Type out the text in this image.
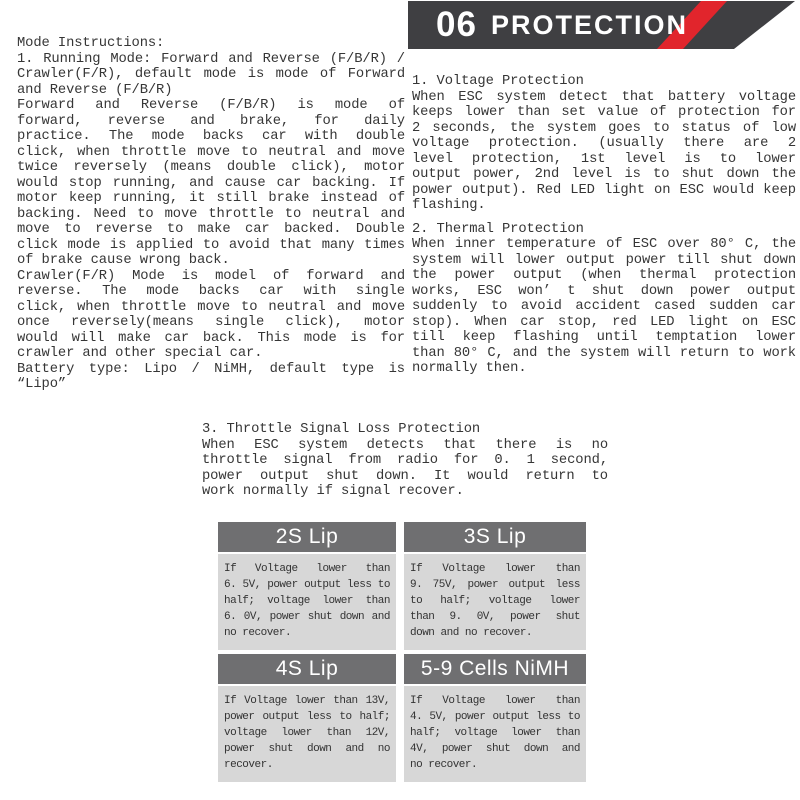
06 PROTECTION
Mode Instructions:
1. Running Mode: Forward and Reverse (F/B/R) /
Crawler(F/R), default mode is mode of Forward
and Reverse (F/B/R)
Forward and Reverse (F/B/R) is mode of
forward, reverse and brake, for daily
practice. The mode backs car with double
click, when throttle move to neutral and move
twice reversely (means double click), motor
would stop running, and cause car backing. If
motor keep running, it still brake instead of
backing. Need to move throttle to neutral and
move to reverse to make car backed. Double
click mode is applied to avoid that many times
of brake cause wrong back.
Crawler(F/R) Mode is model of forward and
reverse. The mode backs car with single
click, when throttle move to neutral and move
once reversely(means single click), motor
would will make car back. This mode is for
crawler and other special car.
Battery type: Lipo / NiMH, default type is
“Lipo”
1. Voltage Protection
When ESC system detect that battery voltage
keeps lower than set value of protection for
2 seconds, the system goes to status of low
voltage protection. (usually there are 2
level protection, 1st level is to lower
output power, 2nd level is to shut down the
power output). Red LED light on ESC would keep
flashing.
2. Thermal Protection
When inner temperature of ESC over 80° C, the
system will lower output power till shut down
the power output (when thermal protection
works, ESC won’ t shut down power output
suddenly to avoid accident cased sudden car
stop). When car stop, red LED light on ESC
till keep flashing until temptation lower
than 80° C, and the system will return to work
normally then.
3. Throttle Signal Loss Protection
When ESC system detects that there is no
throttle signal from radio for 0. 1 second,
power output shut down. It would return to
work normally if signal recover.
2S Lip
If Voltage lower than
6. 5V, power output less to
half; voltage lower than
6. 0V, power shut down and
no recover.
3S Lip
If Voltage lower than
9. 75V, power output less
to half; voltage lower
than 9. 0V, power shut
down and no recover.
4S Lip
If Voltage lower than 13V,
power output less to half;
voltage lower than 12V,
power shut down and no
recover.
5-9 Cells NiMH
If Voltage lower than
4. 5V, power output less to
half; voltage lower than
4V, power shut down and
no recover.
